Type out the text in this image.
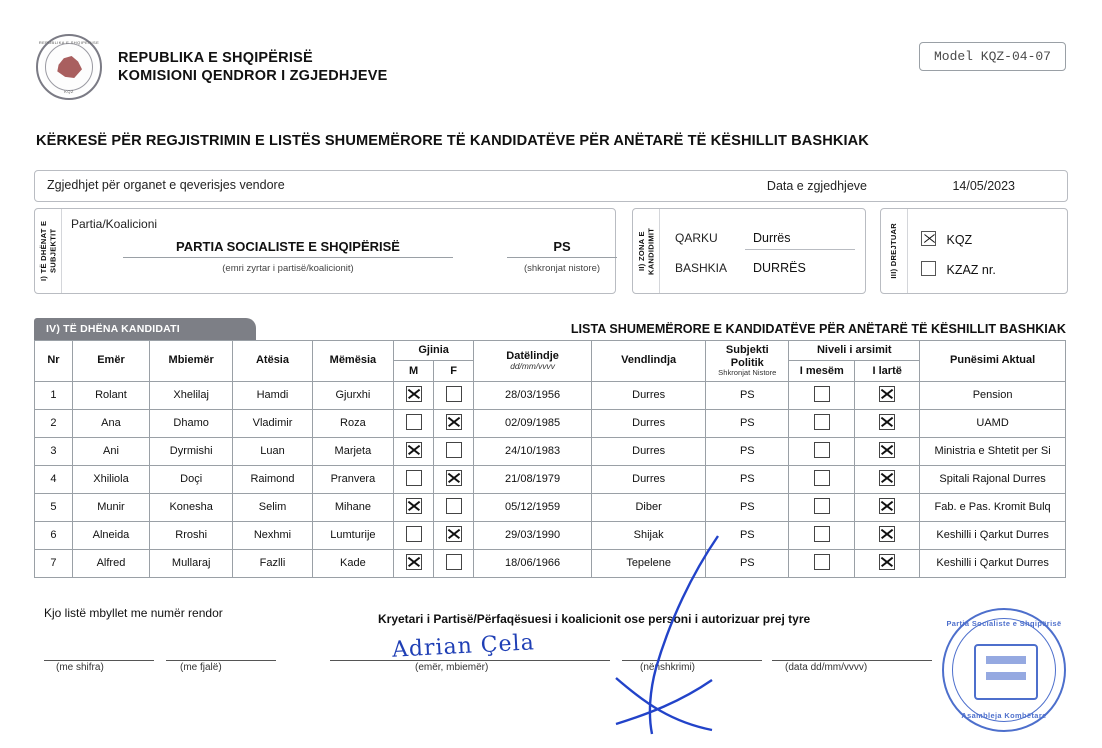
REPUBLIKA E SHQIPERISE
KQZ
REPUBLIKA E SHQIPËRISË
KOMISIONI QENDROR I ZGJEDHJEVE
Model KQZ-04-07
KËRKESË PËR REGJISTRIMIN E LISTËS SHUMEMËRORE TË KANDIDATËVE PËR ANËTARË TË KËSHILLIT BASHKIAK
Zgjedhjet për organet e qeverisjes vendore	Data e zgjedhjeve	14/05/2023
I) TË DHËNAT E SUBJEKTIT
Partia/Koalicioni
PARTIA SOCIALISTE E SHQIPËRISË
(emri zyrtar i partisë/koalicionit)
PS
(shkronjat nistore)	II) ZONA E KANDIDIMIT QARKU	Durrës
BASHKIA DURRËS	III) DREJTUAR	KQZ
KZAZ nr.
IV) TË DHËNA KANDIDATI	LISTA SHUMEMËRORE E KANDIDATËVE PËR ANËTARË TË KËSHILLIT BASHKIAK
Nr	Emër	Mbiemër	Atësia	Mëmësia	Gjinia		Datëlindje
dd/mm/vvvv	Vendlindja	Subjekti Politik
Shkronjat Nistore	Niveli i arsimit		Punësimi Aktual
					M	F				I mesëm	I lartë	
1	Rolant	Xhelilaj	Hamdi	Gjurxhi			28/03/1956	Durres	PS			Pension
2	Ana	Dhamo	Vladimir	Roza			02/09/1985	Durres	PS			UAMD
3	Ani	Dyrmishi	Luan	Marjeta			24/10/1983	Durres	PS			Ministria e Shtetit per Si
4	Xhiliola	Doçi	Raimond	Pranvera			21/08/1979	Durres	PS			Spitali Rajonal Durres
5	Munir	Konesha	Selim	Mihane			05/12/1959	Diber	PS			Fab. e Pas. Kromit Bulq
6	Alneida	Rroshi	Nexhmi	Lumturije			29/03/1990	Shijak	PS			Keshilli i Qarkut Durres
7	Alfred	Mullaraj	Fazlli	Kade			18/06/1966	Tepelene	PS			Keshilli i Qarkut Durres
Kjo listë mbyllet me numër rendor
(me shifra)	(me fjalë)
Kryetari i Partisë/Përfaqësuesi i koalicionit ose personi i autorizuar prej tyre
Adrian Çela
(emër, mbiemër)	(nënshkrimi)	(data dd/mm/vvvv)
Partia Socialiste e Shqipërisë
Asambleja Kombëtare
